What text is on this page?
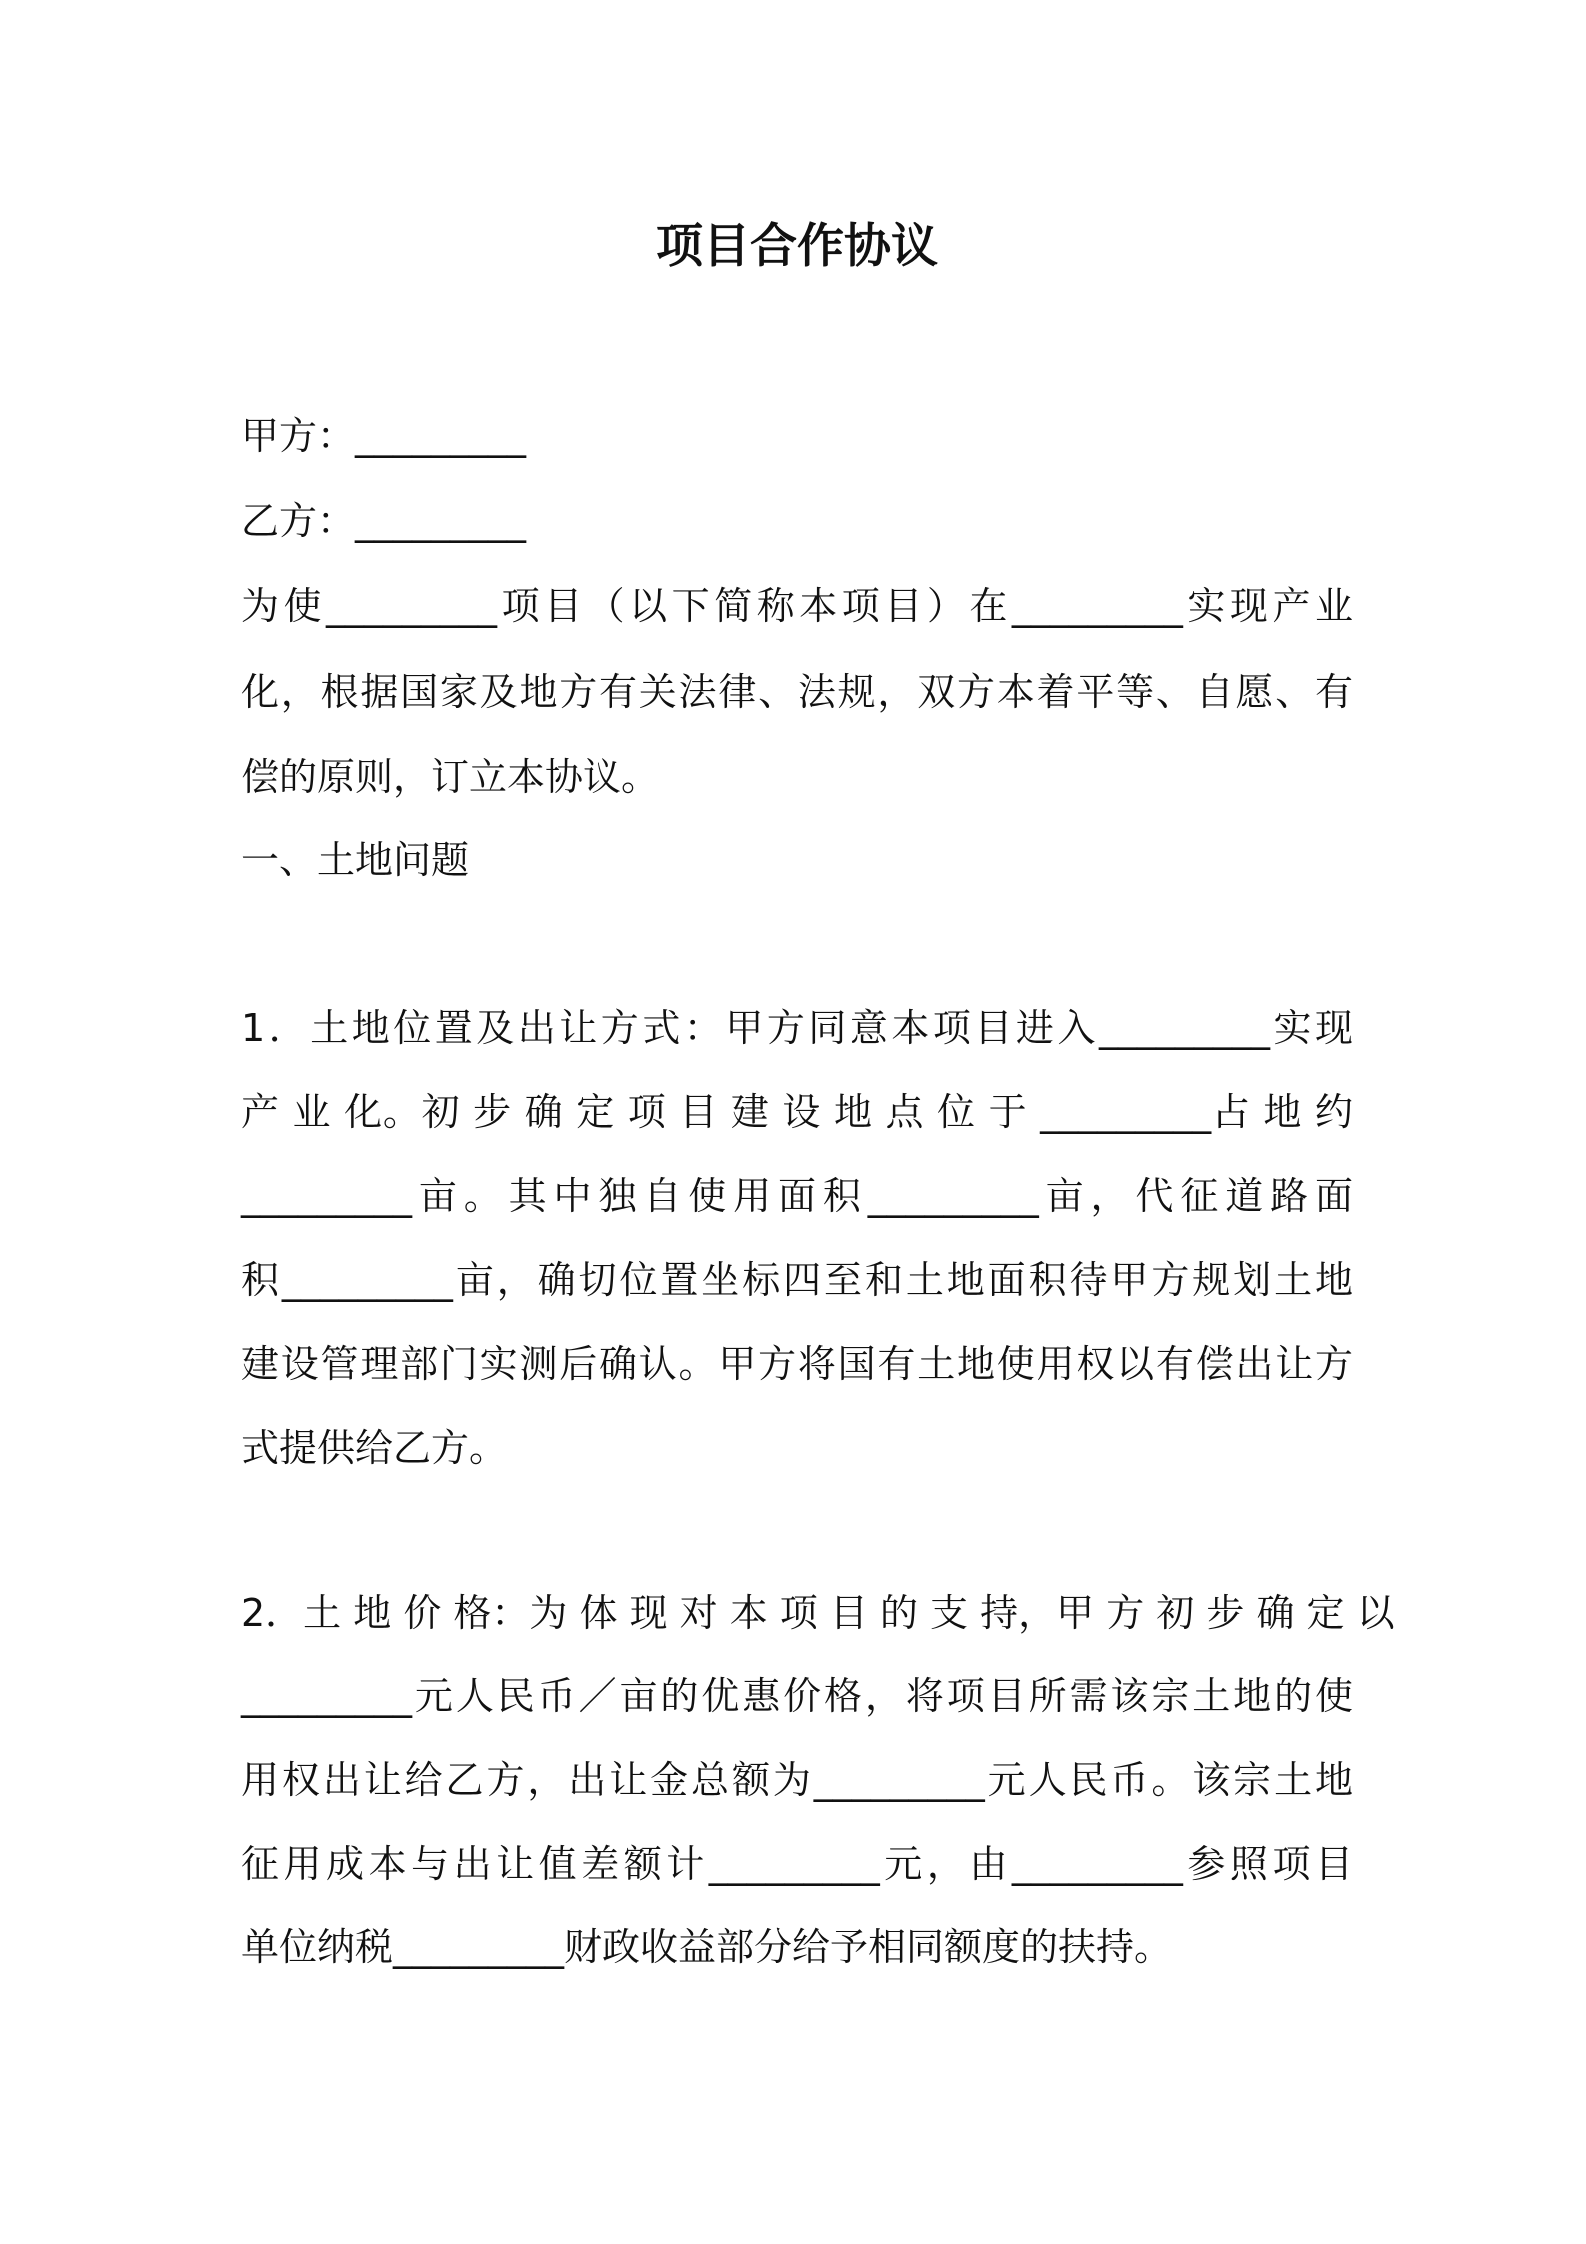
项目合作协议

甲方：_________

乙方：_________

为使_________项目（以下简称本项目）在_________实现产业

化，根据国家及地方有关法律、法规，双方本着平等、自愿、有

偿的原则，订立本协议。

一、土地问题

1．土地位置及出让方式：甲方同意本项目进入_________实现

产 业 化。初 步 确 定 项 目 建 设 地 点 位 于 _________占 地 约

_________亩。其中独自使用面积_________亩，代征道路面

积_________亩，确切位置坐标四至和土地面积待甲方规划土地

建设管理部门实测后确认。甲方将国有土地使用权以有偿出让方

式提供给乙方。

2．土 地 价 格：为 体 现 对 本 项 目 的 支 持，甲 方 初 步 确 定 以

_________元人民币／亩的优惠价格，将项目所需该宗土地的使

用权出让给乙方，出让金总额为_________元人民币。该宗土地

征用成本与出让值差额计_________元，由_________参照项目

单位纳税_________财政收益部分给予相同额度的扶持。
